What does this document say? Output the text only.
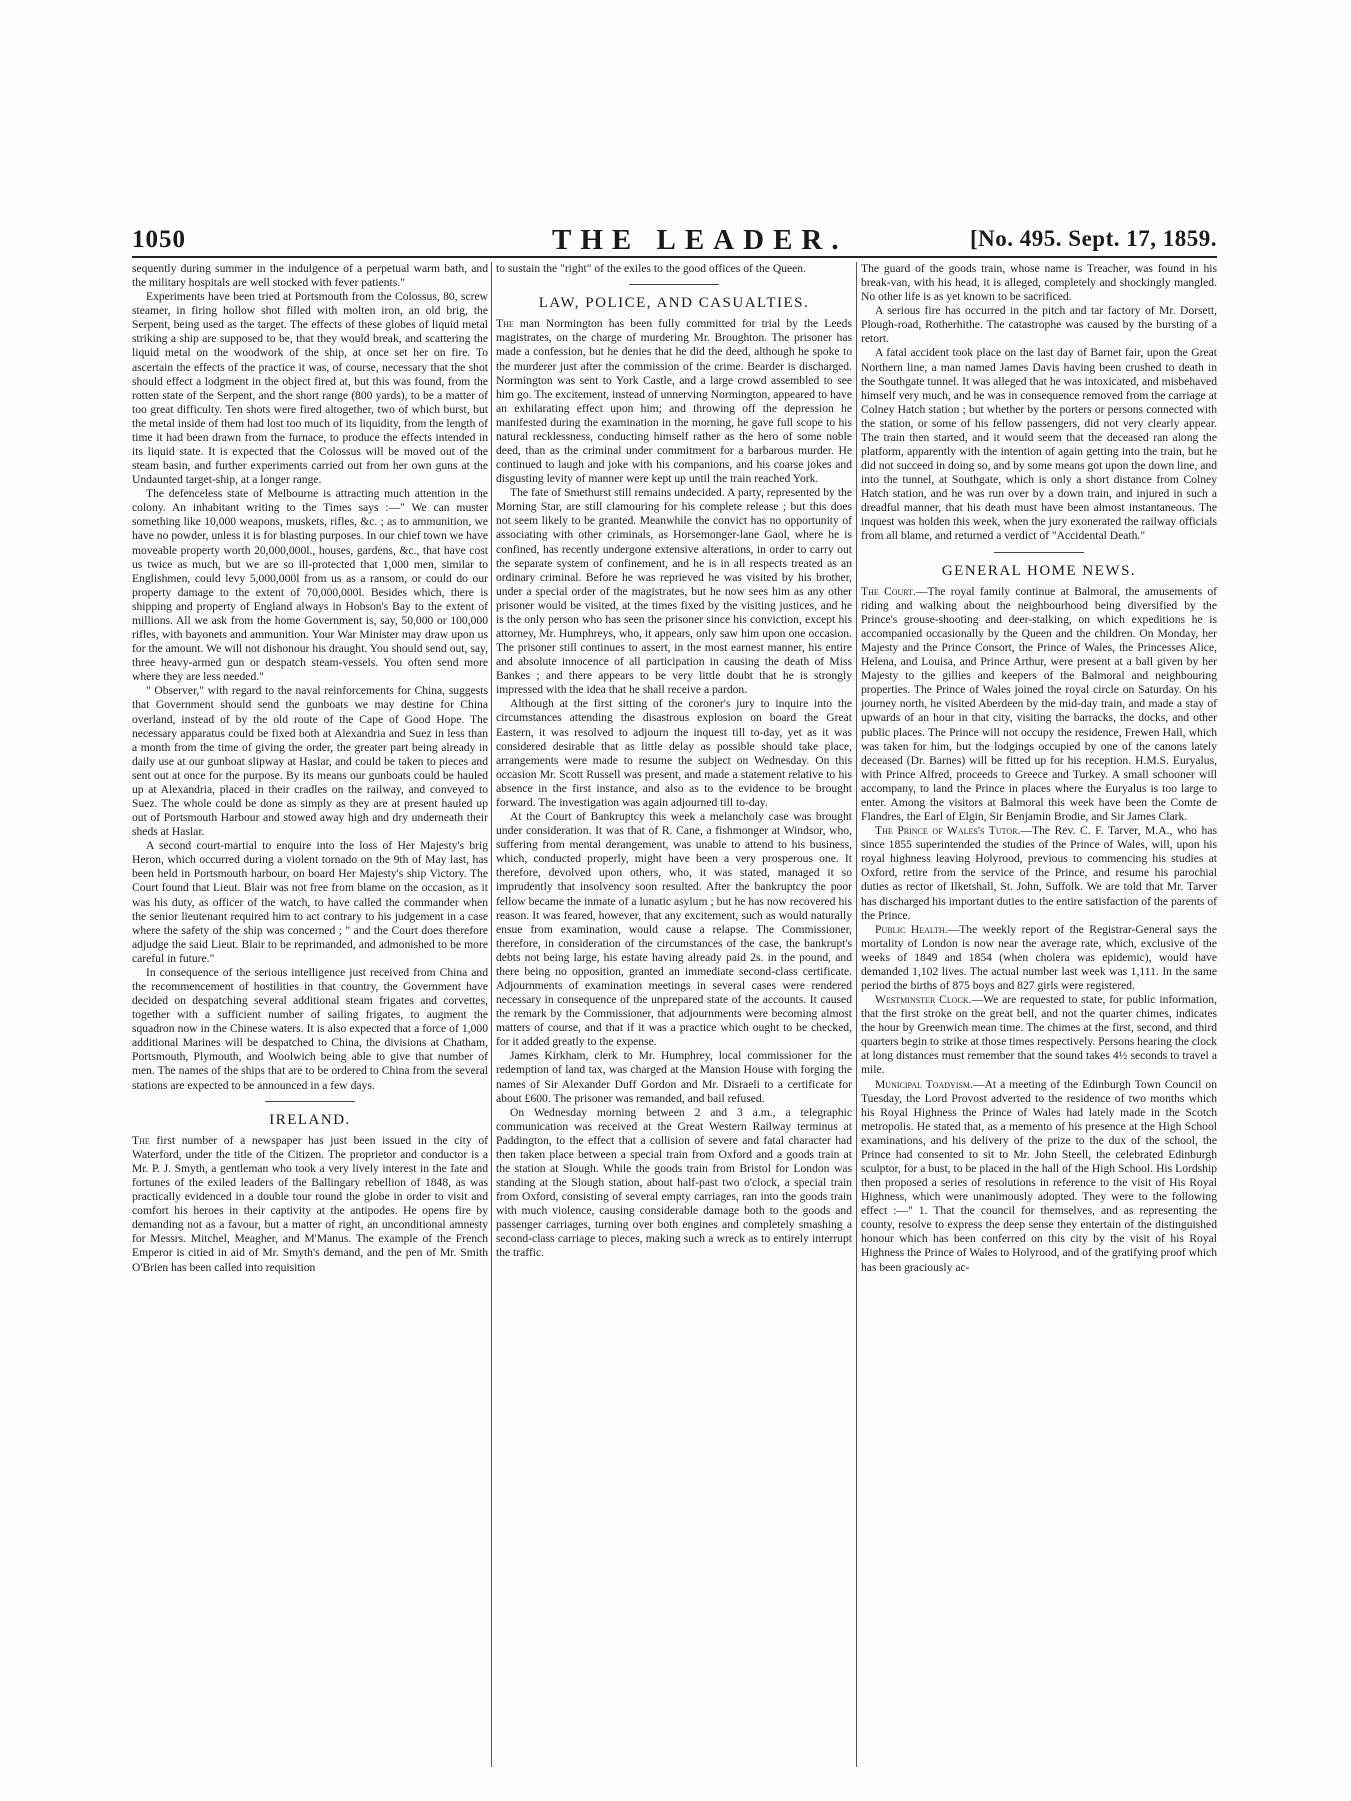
1050	THE LEADER.	[No. 495. Sept. 17, 1859.

sequently during summer in the indulgence of a perpetual warm bath, and the military hospitals are well stocked with fever patients."

Experiments have been tried at Portsmouth from the Colossus, 80, screw steamer, in firing hollow shot filled with molten iron, an old brig, the Serpent, being used as the target. The effects of these globes of liquid metal striking a ship are supposed to be, that they would break, and scattering the liquid metal on the woodwork of the ship, at once set her on fire. To ascertain the effects of the practice it was, of course, necessary that the shot should effect a lodgment in the object fired at, but this was found, from the rotten state of the Serpent, and the short range (800 yards), to be a matter of too great difficulty. Ten shots were fired altogether, two of which burst, but the metal inside of them had lost too much of its liquidity, from the length of time it had been drawn from the furnace, to produce the effects intended in its liquid state. It is expected that the Colossus will be moved out of the steam basin, and further experiments carried out from her own guns at the Undaunted target-ship, at a longer range.

The defenceless state of Melbourne is attracting much attention in the colony. An inhabitant writing to the Times says :—" We can muster something like 10,000 weapons, muskets, rifles, &c. ; as to ammunition, we have no powder, unless it is for blasting purposes. In our chief town we have moveable property worth 20,000,000l., houses, gardens, &c., that have cost us twice as much, but we are so ill-protected that 1,000 men, similar to Englishmen, could levy 5,000,000l from us as a ransom, or could do our property damage to the extent of 70,000,000l. Besides which, there is shipping and property of England always in Hobson's Bay to the extent of millions. All we ask from the home Government is, say, 50,000 or 100,000 rifles, with bayonets and ammunition. Your War Minister may draw upon us for the amount. We will not dishonour his draught. You should send out, say, three heavy-armed gun or despatch steam-vessels. You often send more where they are less needed."

" Observer," with regard to the naval reinforcements for China, suggests that Government should send the gunboats we may destine for China overland, instead of by the old route of the Cape of Good Hope. The necessary apparatus could be fixed both at Alexandria and Suez in less than a month from the time of giving the order, the greater part being already in daily use at our gunboat slipway at Haslar, and could be taken to pieces and sent out at once for the purpose. By its means our gunboats could be hauled up at Alexandria, placed in their cradles on the railway, and conveyed to Suez. The whole could be done as simply as they are at present hauled up out of Portsmouth Harbour and stowed away high and dry underneath their sheds at Haslar.

A second court-martial to enquire into the loss of Her Majesty's brig Heron, which occurred during a violent tornado on the 9th of May last, has been held in Portsmouth harbour, on board Her Majesty's ship Victory. The Court found that Lieut. Blair was not free from blame on the occasion, as it was his duty, as officer of the watch, to have called the commander when the senior lieutenant required him to act contrary to his judgement in a case where the safety of the ship was concerned ; " and the Court does therefore adjudge the said Lieut. Blair to be reprimanded, and admonished to be more careful in future."

In consequence of the serious intelligence just received from China and the recommencement of hostilities in that country, the Government have decided on despatching several additional steam frigates and corvettes, together with a sufficient number of sailing frigates, to augment the squadron now in the Chinese waters. It is also expected that a force of 1,000 additional Marines will be despatched to China, the divisions at Chatham, Portsmouth, Plymouth, and Woolwich being able to give that number of men. The names of the ships that are to be ordered to China from the several stations are expected to be announced in a few days.

IRELAND.

The first number of a newspaper has just been issued in the city of Waterford, under the title of the Citizen. The proprietor and conductor is a Mr. P. J. Smyth, a gentleman who took a very lively interest in the fate and fortunes of the exiled leaders of the Ballingary rebellion of 1848, as was practically evidenced in a double tour round the globe in order to visit and comfort his heroes in their captivity at the antipodes. He opens fire by demanding not as a favour, but a matter of right, an unconditional amnesty for Messrs. Mitchel, Meagher, and M'Manus. The example of the French Emperor is citied in aid of Mr. Smyth's demand, and the pen of Mr. Smith O'Brien has been called into requisition

to sustain the "right" of the exiles to the good offices of the Queen.

LAW, POLICE, AND CASUALTIES.

The man Normington has been fully committed for trial by the Leeds magistrates, on the charge of murdering Mr. Broughton. The prisoner has made a confession, but he denies that he did the deed, although he spoke to the murderer just after the commission of the crime. Bearder is discharged. Normington was sent to York Castle, and a large crowd assembled to see him go. The excitement, instead of unnerving Normington, appeared to have an exhilarating effect upon him; and throwing off the depression he manifested during the examination in the morning, he gave full scope to his natural recklessness, conducting himself rather as the hero of some noble deed, than as the criminal under commitment for a barbarous murder. He continued to laugh and joke with his companions, and his coarse jokes and disgusting levity of manner were kept up until the train reached York.

The fate of Smethurst still remains undecided. A party, represented by the Morning Star, are still clamouring for his complete release ; but this does not seem likely to be granted. Meanwhile the convict has no opportunity of associating with other criminals, as Horsemonger-lane Gaol, where he is confined, has recently undergone extensive alterations, in order to carry out the separate system of confinement, and he is in all respects treated as an ordinary criminal. Before he was reprieved he was visited by his brother, under a special order of the magistrates, but he now sees him as any other prisoner would be visited, at the times fixed by the visiting justices, and he is the only person who has seen the prisoner since his conviction, except his attorney, Mr. Humphreys, who, it appears, only saw him upon one occasion. The prisoner still continues to assert, in the most earnest manner, his entire and absolute innocence of all participation in causing the death of Miss Bankes ; and there appears to be very little doubt that he is strongly impressed with the idea that he shall receive a pardon.

Although at the first sitting of the coroner's jury to inquire into the circumstances attending the disastrous explosion on board the Great Eastern, it was resolved to adjourn the inquest till to-day, yet as it was considered desirable that as little delay as possible should take place, arrangements were made to resume the subject on Wednesday. On this occasion Mr. Scott Russell was present, and made a statement relative to his absence in the first instance, and also as to the evidence to be brought forward. The investigation was again adjourned till to-day.

At the Court of Bankruptcy this week a melancholy case was brought under consideration. It was that of R. Cane, a fishmonger at Windsor, who, suffering from mental derangement, was unable to attend to his business, which, conducted properly, might have been a very prosperous one. It therefore, devolved upon others, who, it was stated, managed it so imprudently that insolvency soon resulted. After the bankruptcy the poor fellow became the inmate of a lunatic asylum ; but he has now recovered his reason. It was feared, however, that any excitement, such as would naturally ensue from examination, would cause a relapse. The Commissioner, therefore, in consideration of the circumstances of the case, the bankrupt's debts not being large, his estate having already paid 2s. in the pound, and there being no opposition, granted an immediate second-class certificate. Adjournments of examination meetings in several cases were rendered necessary in consequence of the unprepared state of the accounts. It caused the remark by the Commissioner, that adjournments were becoming almost matters of course, and that if it was a practice which ought to be checked, for it added greatly to the expense.

James Kirkham, clerk to Mr. Humphrey, local commissioner for the redemption of land tax, was charged at the Mansion House with forging the names of Sir Alexander Duff Gordon and Mr. Disraeli to a certificate for about £600. The prisoner was remanded, and bail refused.

On Wednesday morning between 2 and 3 a.m., a telegraphic communication was received at the Great Western Railway terminus at Paddington, to the effect that a collision of severe and fatal character had then taken place between a special train from Oxford and a goods train at the station at Slough. While the goods train from Bristol for London was standing at the Slough station, about half-past two o'clock, a special train from Oxford, consisting of several empty carriages, ran into the goods train with much violence, causing considerable damage both to the goods and passenger carriages, turning over both engines and completely smashing a second-class carriage to pieces, making such a wreck as to entirely interrupt the traffic.

The guard of the goods train, whose name is Treacher, was found in his break-van, with his head, it is alleged, completely and shockingly mangled. No other life is as yet known to be sacrificed.

A serious fire has occurred in the pitch and tar factory of Mr. Dorsett, Plough-road, Rotherhithe. The catastrophe was caused by the bursting of a retort.

A fatal accident took place on the last day of Barnet fair, upon the Great Northern line, a man named James Davis having been crushed to death in the Southgate tunnel. It was alleged that he was intoxicated, and misbehaved himself very much, and he was in consequence removed from the carriage at Colney Hatch station ; but whether by the porters or persons connected with the station, or some of his fellow passengers, did not very clearly appear. The train then started, and it would seem that the deceased ran along the platform, apparently with the intention of again getting into the train, but he did not succeed in doing so, and by some means got upon the down line, and into the tunnel, at Southgate, which is only a short distance from Colney Hatch station, and he was run over by a down train, and injured in such a dreadful manner, that his death must have been almost instantaneous. The inquest was holden this week, when the jury exonerated the railway officials from all blame, and returned a verdict of "Accidental Death."

GENERAL HOME NEWS.

The Court.—The royal family continue at Balmoral, the amusements of riding and walking about the neighbourhood being diversified by the Prince's grouse-shooting and deer-stalking, on which expeditions he is accompanied occasionally by the Queen and the children. On Monday, her Majesty and the Prince Consort, the Prince of Wales, the Princesses Alice, Helena, and Louisa, and Prince Arthur, were present at a ball given by her Majesty to the gillies and keepers of the Balmoral and neighbouring properties. The Prince of Wales joined the royal circle on Saturday. On his journey north, he visited Aberdeen by the mid-day train, and made a stay of upwards of an hour in that city, visiting the barracks, the docks, and other public places. The Prince will not occupy the residence, Frewen Hall, which was taken for him, but the lodgings occupied by one of the canons lately deceased (Dr. Barnes) will be fitted up for his reception. H.M.S. Euryalus, with Prince Alfred, proceeds to Greece and Turkey. A small schooner will accompany, to land the Prince in places where the Euryalus is too large to enter. Among the visitors at Balmoral this week have been the Comte de Flandres, the Earl of Elgin, Sir Benjamin Brodie, and Sir James Clark.

The Prince of Wales's Tutor.—The Rev. C. F. Tarver, M.A., who has since 1855 superintended the studies of the Prince of Wales, will, upon his royal highness leaving Holyrood, previous to commencing his studies at Oxford, retire from the service of the Prince, and resume his parochial duties as rector of Ilketshall, St. John, Suffolk. We are told that Mr. Tarver has discharged his important duties to the entire satisfaction of the parents of the Prince.

Public Health.—The weekly report of the Registrar-General says the mortality of London is now near the average rate, which, exclusive of the weeks of 1849 and 1854 (when cholera was epidemic), would have demanded 1,102 lives. The actual number last week was 1,111. In the same period the births of 875 boys and 827 girls were registered.

Westminster Clock.—We are requested to state, for public information, that the first stroke on the great bell, and not the quarter chimes, indicates the hour by Greenwich mean time. The chimes at the first, second, and third quarters begin to strike at those times respectively. Persons hearing the clock at long distances must remember that the sound takes 4½ seconds to travel a mile.

Municipal Toadyism.—At a meeting of the Edinburgh Town Council on Tuesday, the Lord Provost adverted to the residence of two months which his Royal Highness the Prince of Wales had lately made in the Scotch metropolis. He stated that, as a memento of his presence at the High School examinations, and his delivery of the prize to the dux of the school, the Prince had consented to sit to Mr. John Steell, the celebrated Edinburgh sculptor, for a bust, to be placed in the hall of the High School. His Lordship then proposed a series of resolutions in reference to the visit of His Royal Highness, which were unanimously adopted. They were to the following effect :—" 1. That the council for themselves, and as representing the county, resolve to express the deep sense they entertain of the distinguished honour which has been conferred on this city by the visit of his Royal Highness the Prince of Wales to Holyrood, and of the gratifying proof which has been graciously ac-
